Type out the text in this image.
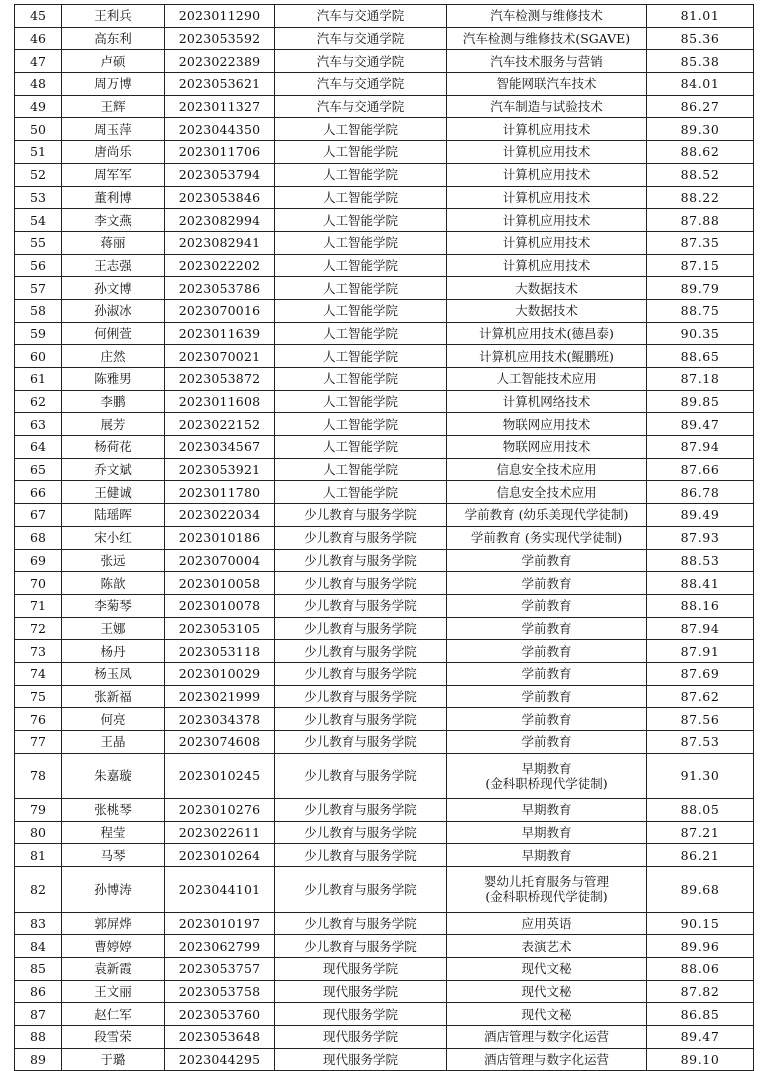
45	王利兵	2023011290	汽车与交通学院	汽车检测与维修技术	81.01
46	高东利	2023053592	汽车与交通学院	汽车检测与维修技术(SGAVE)	85.36
47	卢硕	2023022389	汽车与交通学院	汽车技术服务与营销	85.38
48	周万博	2023053621	汽车与交通学院	智能网联汽车技术	84.01
49	王辉	2023011327	汽车与交通学院	汽车制造与试验技术	86.27
50	周玉萍	2023044350	人工智能学院	计算机应用技术	89.30
51	唐尚乐	2023011706	人工智能学院	计算机应用技术	88.62
52	周军军	2023053794	人工智能学院	计算机应用技术	88.52
53	董利博	2023053846	人工智能学院	计算机应用技术	88.22
54	李文燕	2023082994	人工智能学院	计算机应用技术	87.88
55	蒋丽	2023082941	人工智能学院	计算机应用技术	87.35
56	王志强	2023022202	人工智能学院	计算机应用技术	87.15
57	孙文博	2023053786	人工智能学院	大数据技术	89.79
58	孙淑冰	2023070016	人工智能学院	大数据技术	88.75
59	何俐萱	2023011639	人工智能学院	计算机应用技术(德昌泰)	90.35
60	庄然	2023070021	人工智能学院	计算机应用技术(鲲鹏班)	88.65
61	陈雅男	2023053872	人工智能学院	人工智能技术应用	87.18
62	李鹏	2023011608	人工智能学院	计算机网络技术	89.85
63	展芳	2023022152	人工智能学院	物联网应用技术	89.47
64	杨荷花	2023034567	人工智能学院	物联网应用技术	87.94
65	乔文斌	2023053921	人工智能学院	信息安全技术应用	87.66
66	王健诚	2023011780	人工智能学院	信息安全技术应用	86.78
67	陆瑶晖	2023022034	少儿教育与服务学院	学前教育 (幼乐美现代学徒制)	89.49
68	宋小红	2023010186	少儿教育与服务学院	学前教育 (务实现代学徒制)	87.93
69	张远	2023070004	少儿教育与服务学院	学前教育	88.53
70	陈歆	2023010058	少儿教育与服务学院	学前教育	88.41
71	李菊琴	2023010078	少儿教育与服务学院	学前教育	88.16
72	王娜	2023053105	少儿教育与服务学院	学前教育	87.94
73	杨丹	2023053118	少儿教育与服务学院	学前教育	87.91
74	杨玉凤	2023010029	少儿教育与服务学院	学前教育	87.69
75	张新福	2023021999	少儿教育与服务学院	学前教育	87.62
76	何亮	2023034378	少儿教育与服务学院	学前教育	87.56
77	王晶	2023074608	少儿教育与服务学院	学前教育	87.53
78	朱嘉璇	2023010245	少儿教育与服务学院	早期教育
(金科职桥现代学徒制)	91.30
79	张桃琴	2023010276	少儿教育与服务学院	早期教育	88.05
80	程莹	2023022611	少儿教育与服务学院	早期教育	87.21
81	马琴	2023010264	少儿教育与服务学院	早期教育	86.21
82	孙博涛	2023044101	少儿教育与服务学院	婴幼儿托育服务与管理
(金科职桥现代学徒制)	89.68
83	郭屏烨	2023010197	少儿教育与服务学院	应用英语	90.15
84	曹婷婷	2023062799	少儿教育与服务学院	表演艺术	89.96
85	袁新霞	2023053757	现代服务学院	现代文秘	88.06
86	王文丽	2023053758	现代服务学院	现代文秘	87.82
87	赵仁军	2023053760	现代服务学院	现代文秘	86.85
88	段雪荣	2023053648	现代服务学院	酒店管理与数字化运营	89.47
89	于璐	2023044295	现代服务学院	酒店管理与数字化运营	89.10
